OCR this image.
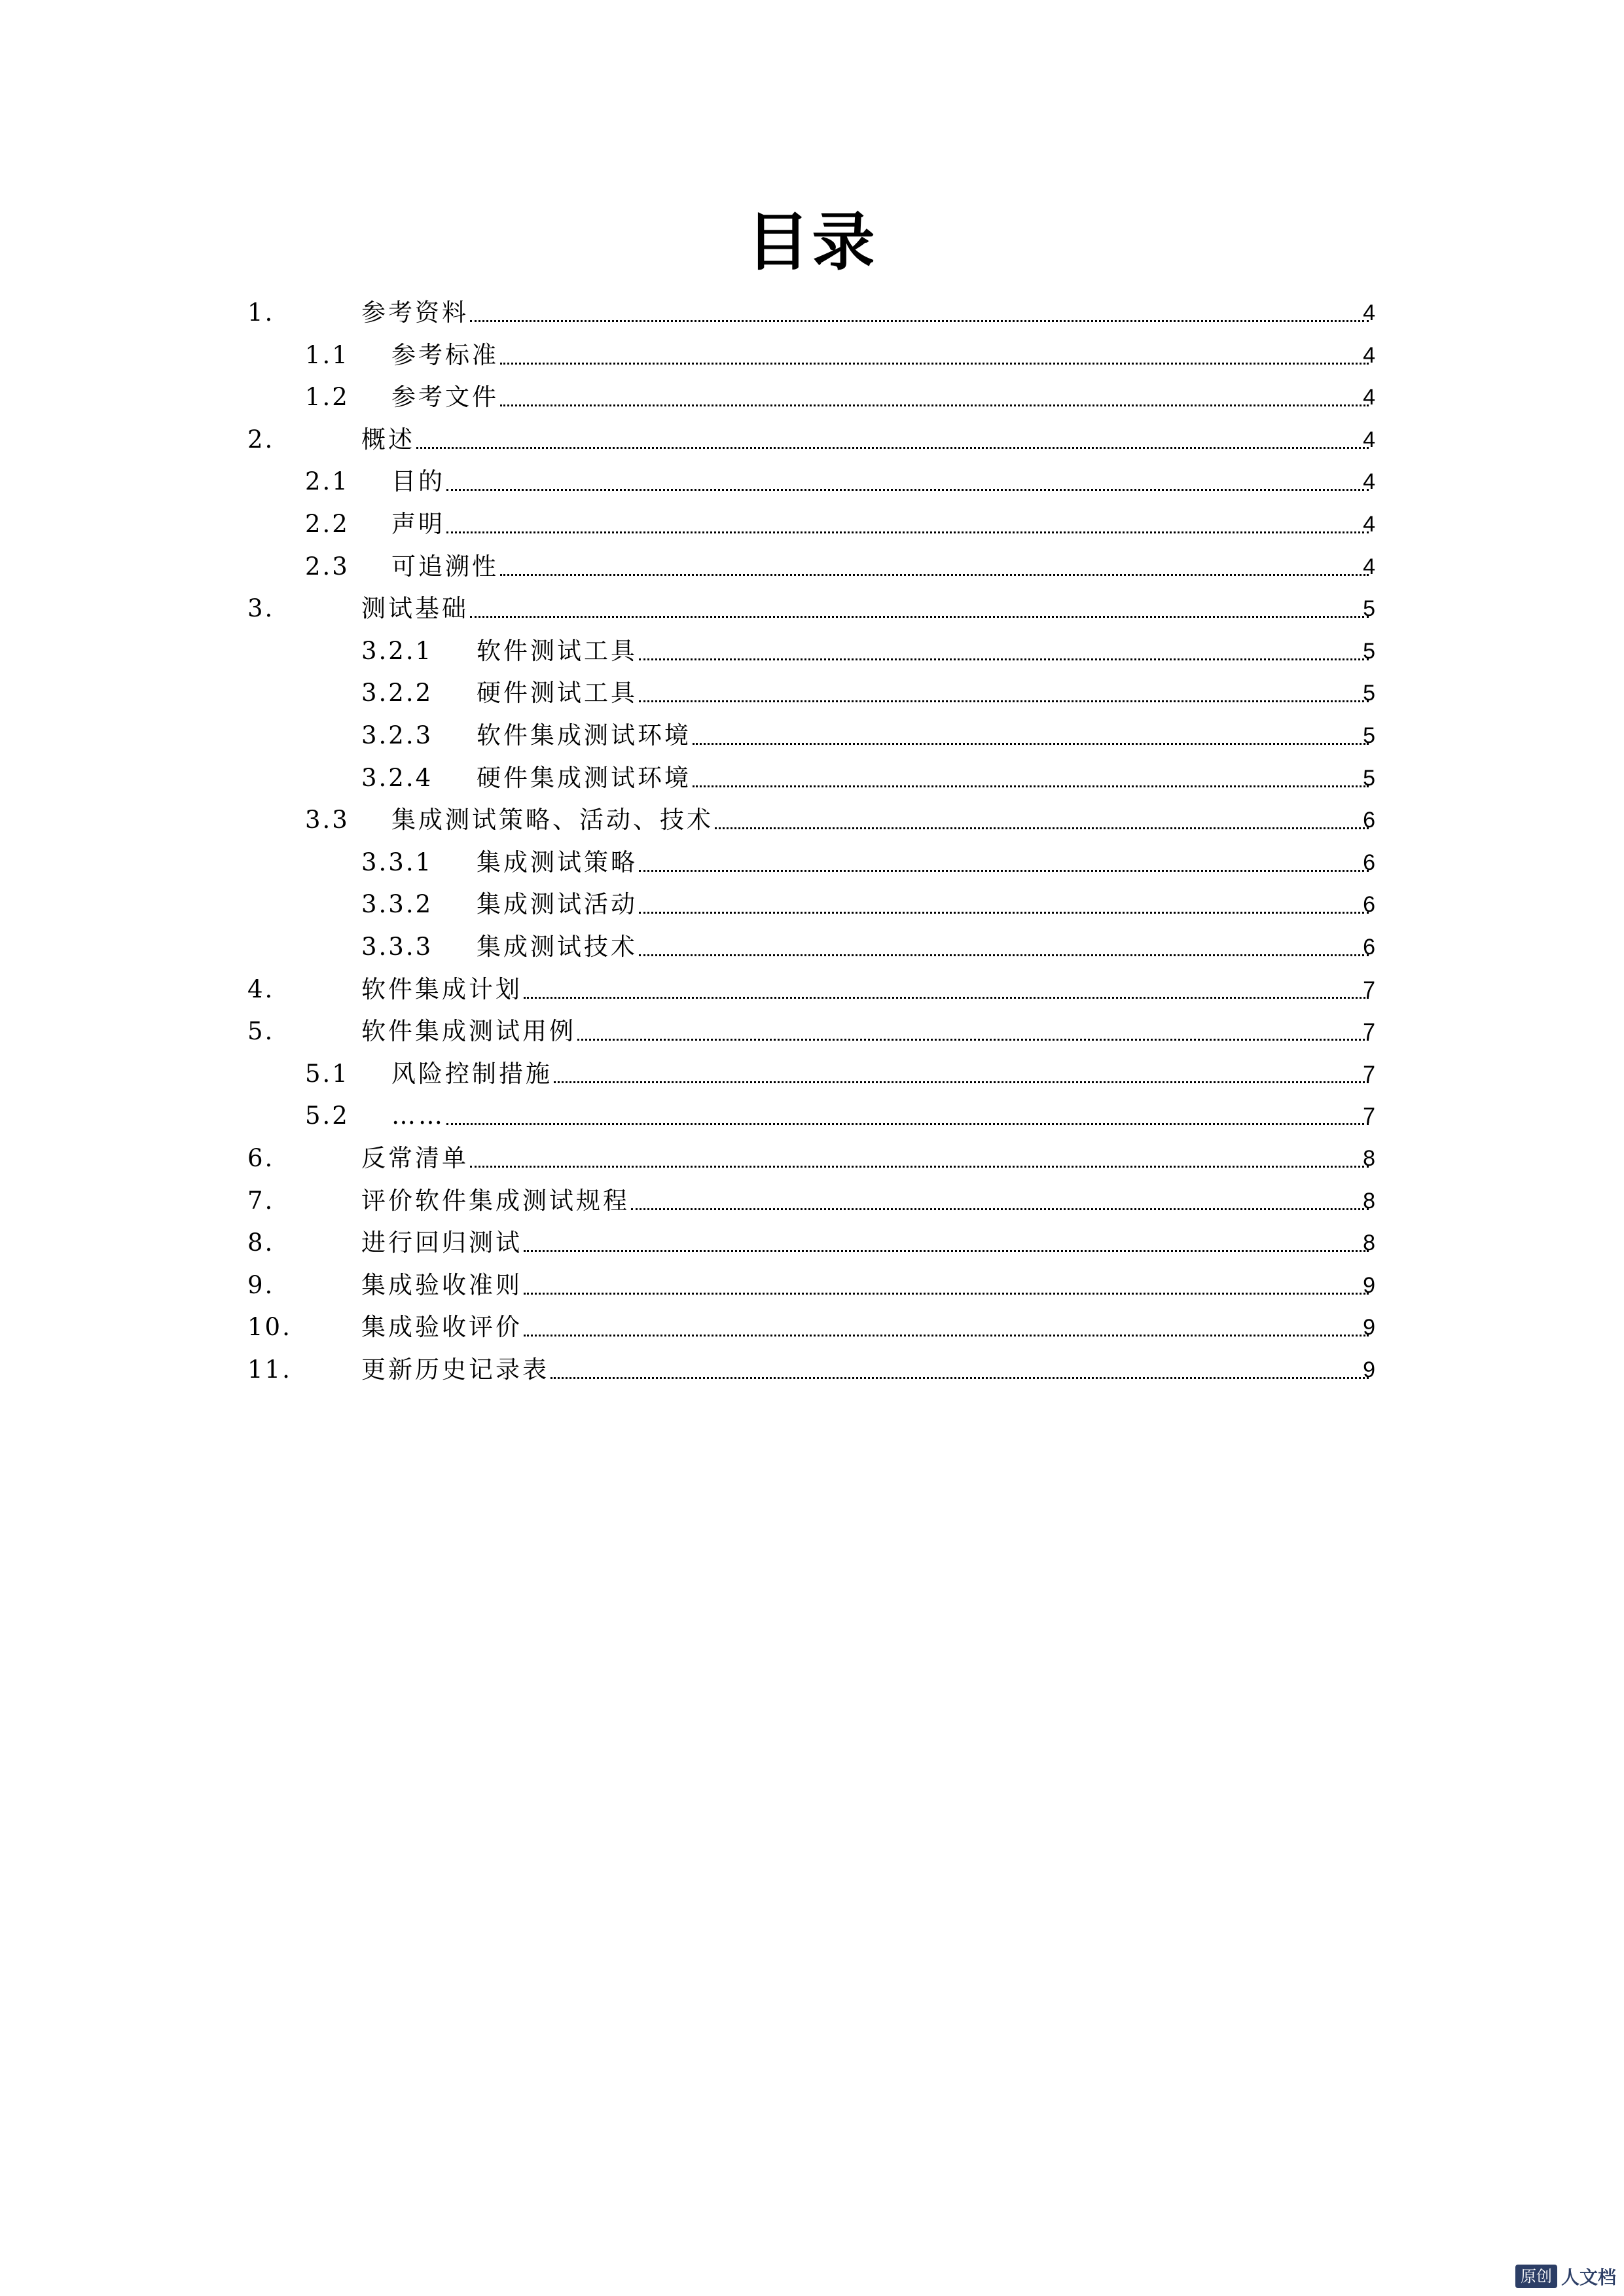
目录
1.	参考资料	4
1.1 参考标准	4
1.2 参考文件	4
2.	概述	4
2.1 目的	4
2.2 声明	4
2.3 可追溯性	4
3.	测试基础	5
3.2.1 软件测试工具	5
3.2.2 硬件测试工具	5
3.2.3 软件集成测试环境	5
3.2.4 硬件集成测试环境	5
3.3 集成测试策略、活动、技术	6
3.3.1 集成测试策略	6
3.3.2 集成测试活动	6
3.3.3 集成测试技术	6
4.	软件集成计划	7
5.	软件集成测试用例	7
5.1 风险控制措施	7
5.2 ……	7
6.	反常清单	8
7.	评价软件集成测试规程	8
8.	进行回归测试	8
9.	集成验收准则	9
10.	集成验收评价	9
11.	更新历史记录表	9
原创 人文档
